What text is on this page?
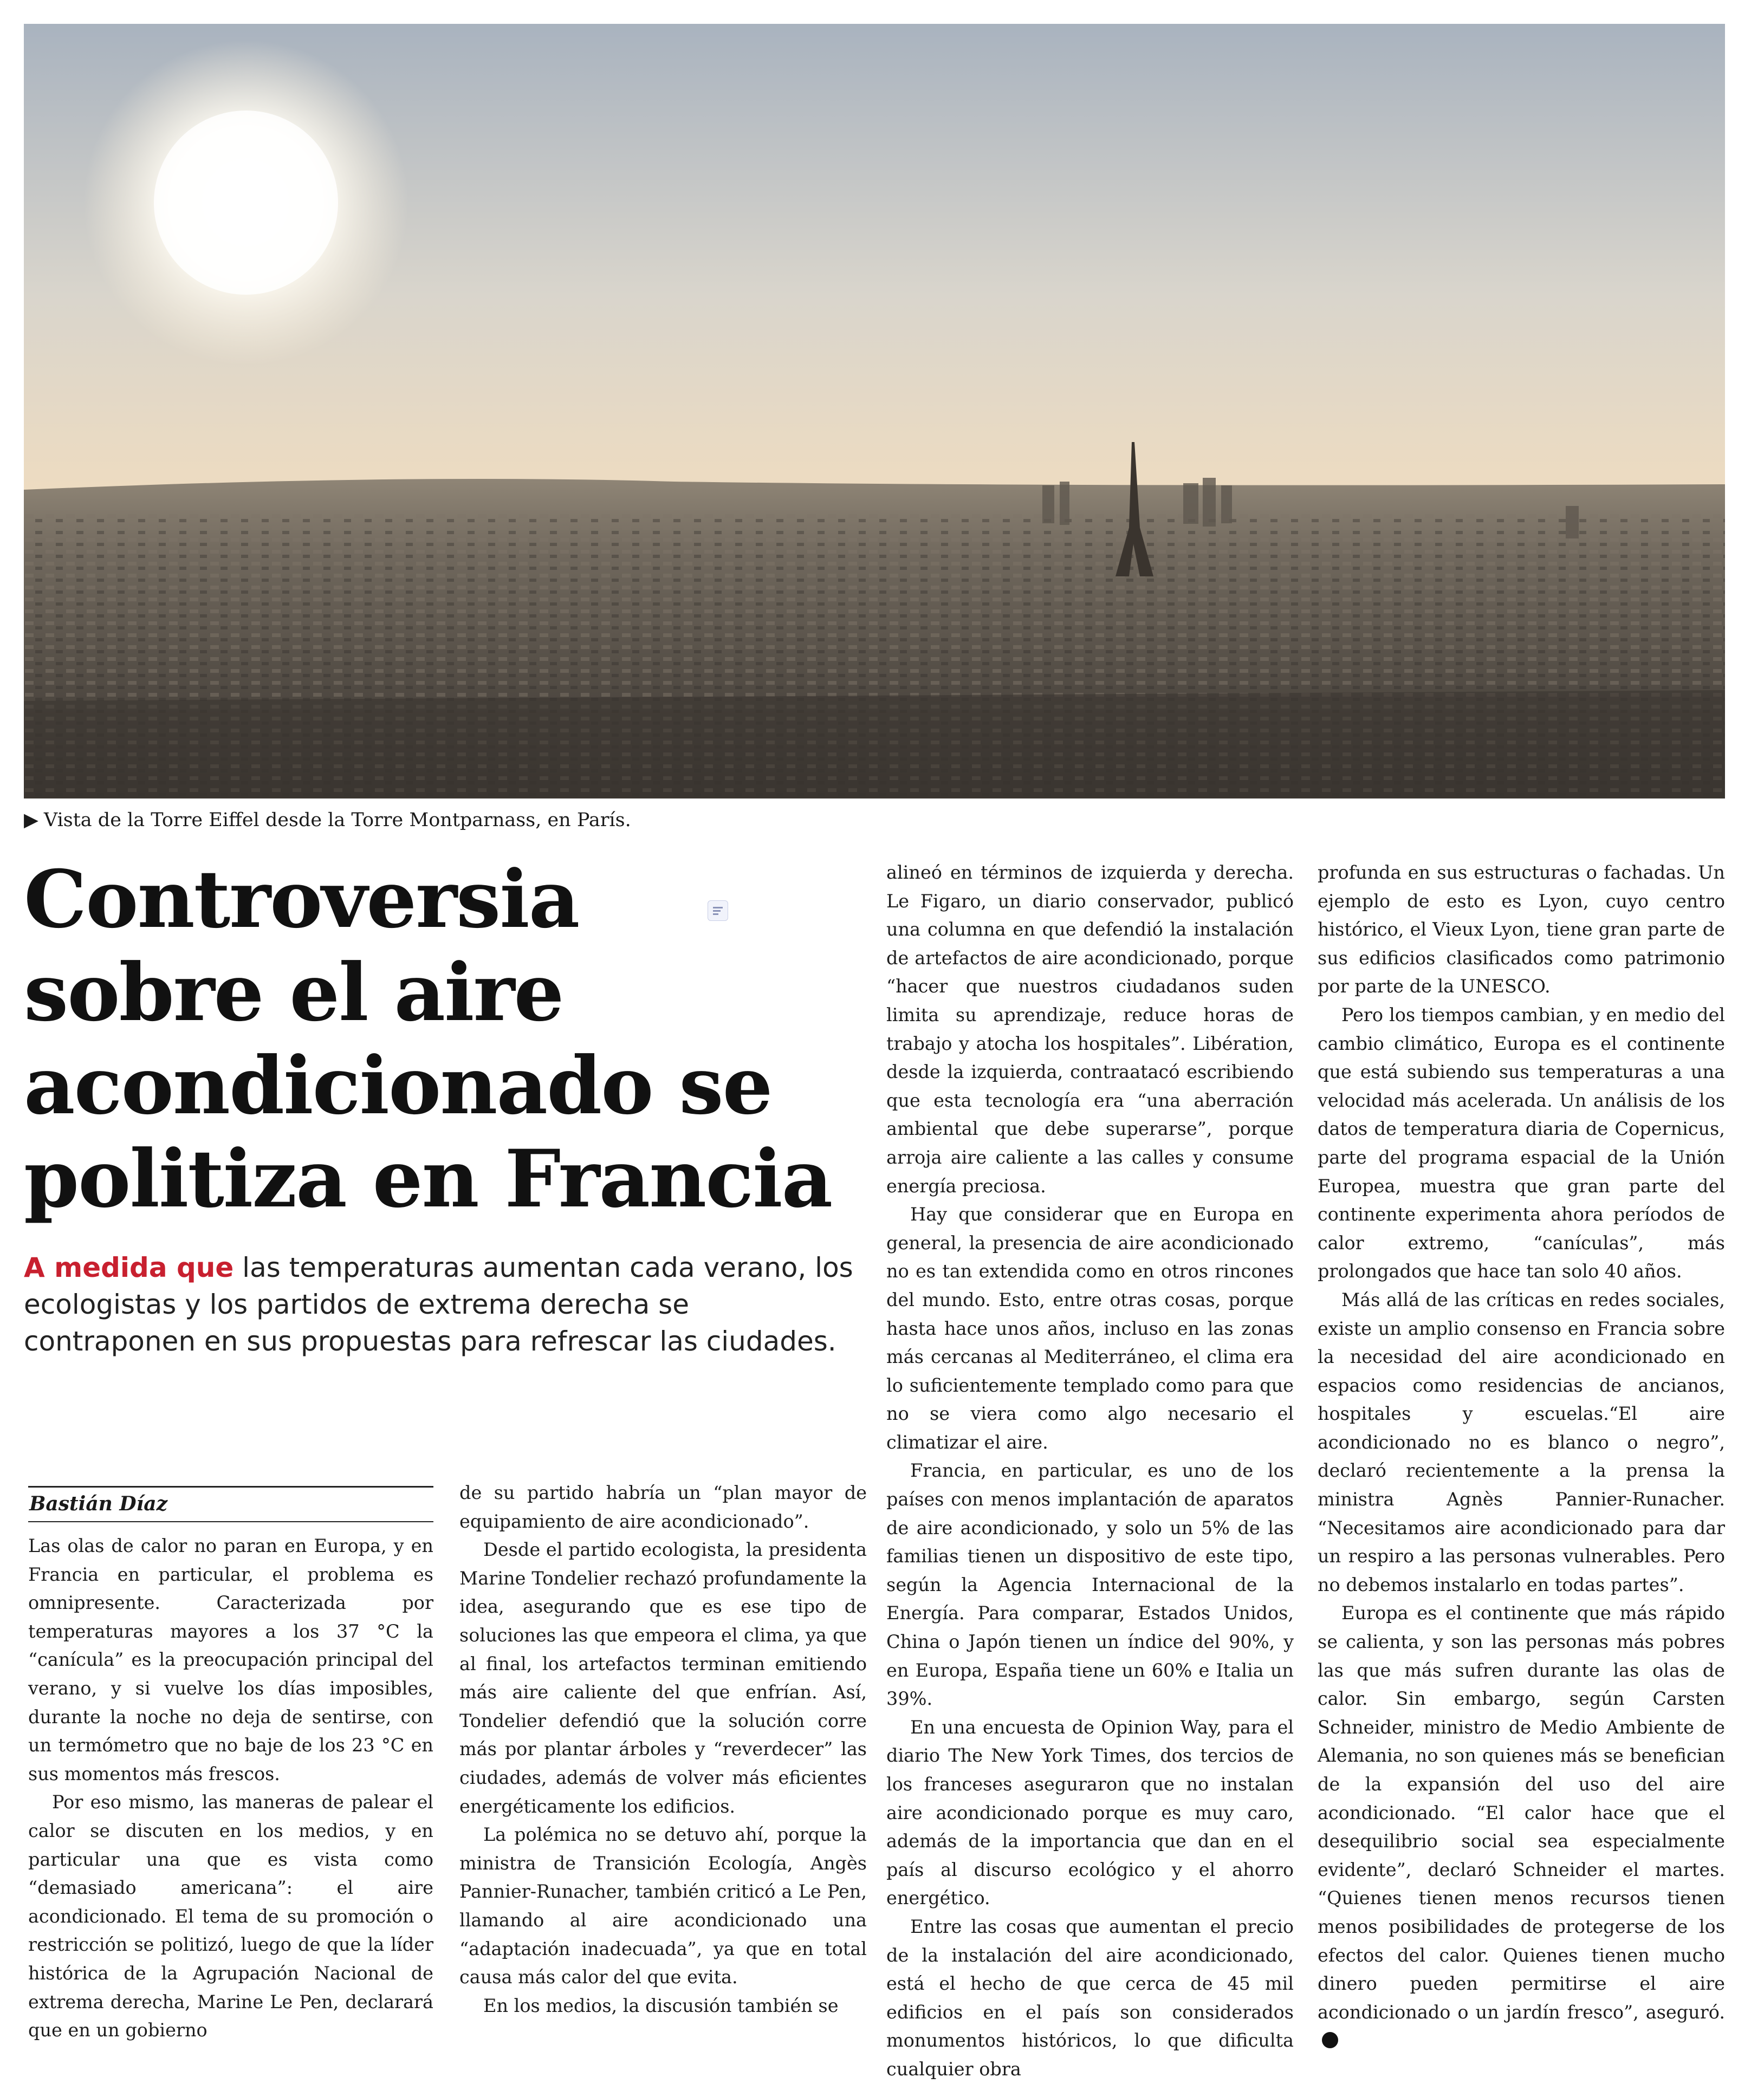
▶ Vista de la Torre Eiffel desde la Torre Montparnass, en París.
Controversia
sobre el aire
acondicionado se
politiza en Francia

A medida que las temperaturas aumentan cada verano, los ecologistas y los partidos de extrema derecha se contraponen en sus propuestas para refrescar las ciudades.

Bastián Díaz

Las olas de calor no paran en Europa, y en Francia en particular, el problema es omnipresente. Caracterizada por temperaturas mayores a los 37 °C la “canícula” es la preocupación principal del verano, y si vuelve los días imposibles, durante la noche no deja de sentirse, con un termómetro que no baje de los 23 °C en sus momentos más frescos.

Por eso mismo, las maneras de palear el calor se discuten en los medios, y en particular una que es vista como “demasiado americana”: el aire acondicionado. El tema de su promoción o restricción se politizó, luego de que la líder histórica de la Agrupación Nacional de extrema derecha, Marine Le Pen, declarará que en un gobierno

de su partido habría un “plan mayor de equipamiento de aire acondicionado”.

Desde el partido ecologista, la presidenta Marine Tondelier rechazó profundamente la idea, asegurando que es ese tipo de soluciones las que empeora el clima, ya que al final, los artefactos terminan emitiendo más aire caliente del que enfrían. Así, Tondelier defendió que la solución corre más por plantar árboles y “reverdecer” las ciudades, además de volver más eficientes energéticamente los edificios.

La polémica no se detuvo ahí, porque la ministra de Transición Ecología, Angès Pannier-Runacher, también criticó a Le Pen, llamando al aire acondicionado una “adaptación inadecuada”, ya que en total causa más calor del que evita.

En los medios, la discusión también se

alineó en términos de izquierda y derecha. Le Figaro, un diario conservador, publicó una columna en que defendió la instalación de artefactos de aire acondicionado, porque “hacer que nuestros ciudadanos suden limita su aprendizaje, reduce horas de trabajo y atocha los hospitales”. Libération, desde la izquierda, contraatacó escribiendo que esta tecnología era “una aberración ambiental que debe superarse”, porque arroja aire caliente a las calles y consume energía preciosa.

Hay que considerar que en Europa en general, la presencia de aire acondicionado no es tan extendida como en otros rincones del mundo. Esto, entre otras cosas, porque hasta hace unos años, incluso en las zonas más cercanas al Mediterráneo, el clima era lo suficientemente templado como para que no se viera como algo necesario el climatizar el aire.

Francia, en particular, es uno de los países con menos implantación de aparatos de aire acondicionado, y solo un 5% de las familias tienen un dispositivo de este tipo, según la Agencia Internacional de la Energía. Para comparar, Estados Unidos, China o Japón tienen un índice del 90%, y en Europa, España tiene un 60% e Italia un 39%.

En una encuesta de Opinion Way, para el diario The New York Times, dos tercios de los franceses aseguraron que no instalan aire acondicionado porque es muy caro, además de la importancia que dan en el país al discurso ecológico y el ahorro energético.

Entre las cosas que aumentan el precio de la instalación del aire acondicionado, está el hecho de que cerca de 45 mil edificios en el país son considerados monumentos históricos, lo que dificulta cualquier obra

profunda en sus estructuras o fachadas. Un ejemplo de esto es Lyon, cuyo centro histórico, el Vieux Lyon, tiene gran parte de sus edificios clasificados como patrimonio por parte de la UNESCO.

Pero los tiempos cambian, y en medio del cambio climático, Europa es el continente que está subiendo sus temperaturas a una velocidad más acelerada. Un análisis de los datos de temperatura diaria de Copernicus, parte del programa espacial de la Unión Europea, muestra que gran parte del continente experimenta ahora períodos de calor extremo, “canículas”, más prolongados que hace tan solo 40 años.

Más allá de las críticas en redes sociales, existe un amplio consenso en Francia sobre la necesidad del aire acondicionado en espacios como residencias de ancianos, hospitales y escuelas.“El aire acondicionado no es blanco o negro”, declaró recientemente a la prensa la ministra Agnès Pannier-Runacher. “Necesitamos aire acondicionado para dar un respiro a las personas vulnerables. Pero no debemos instalarlo en todas partes”.

Europa es el continente que más rápido se calienta, y son las personas más pobres las que más sufren durante las olas de calor. Sin embargo, según Carsten Schneider, ministro de Medio Ambiente de Alemania, no son quienes más se benefician de la expansión del uso del aire acondicionado. “El calor hace que el desequilibrio social sea especialmente evidente”, declaró Schneider el martes. “Quienes tienen menos recursos tienen menos posibilidades de protegerse de los efectos del calor. Quienes tienen mucho dinero pueden permitirse el aire acondicionado o un jardín fresco”, aseguró.
